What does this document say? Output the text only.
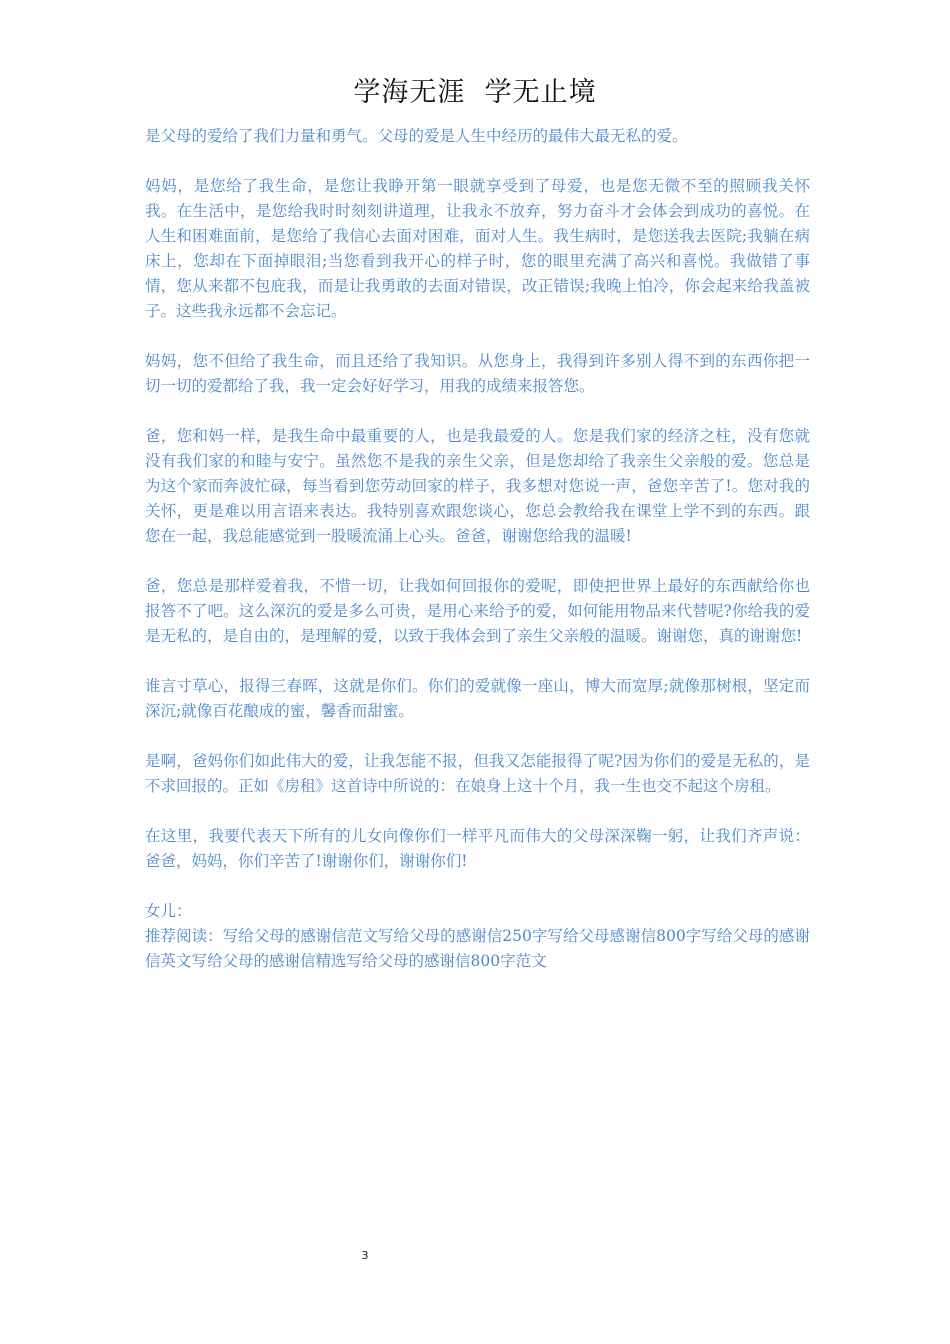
学海无涯  学无止境

是父母的爱给了我们力量和勇气。父母的爱是人生中经历的最伟大最无私的爱。

妈妈，是您给了我生命，是您让我睁开第一眼就享受到了母爱，也是您无微不至的照顾我关怀我。在生活中，是您给我时时刻刻讲道理，让我永不放弃，努力奋斗才会体会到成功的喜悦。在人生和困难面前，是您给了我信心去面对困难，面对人生。我生病时，是您送我去医院;我躺在病床上，您却在下面掉眼泪;当您看到我开心的样子时，您的眼里充满了高兴和喜悦。我做错了事情，您从来都不包庇我，而是让我勇敢的去面对错误，改正错误;我晚上怕冷，你会起来给我盖被子。这些我永远都不会忘记。

妈妈，您不但给了我生命，而且还给了我知识。从您身上，我得到许多别人得不到的东西你把一切一切的爱都给了我，我一定会好好学习，用我的成绩来报答您。

爸，您和妈一样，是我生命中最重要的人，也是我最爱的人。您是我们家的经济之柱，没有您就没有我们家的和睦与安宁。虽然您不是我的亲生父亲，但是您却给了我亲生父亲般的爱。您总是为这个家而奔波忙碌，每当看到您劳动回家的样子，我多想对您说一声，爸您辛苦了!。您对我的关怀，更是难以用言语来表达。我特别喜欢跟您谈心，您总会教给我在课堂上学不到的东西。跟您在一起，我总能感觉到一股暖流涌上心头。爸爸，谢谢您给我的温暖!

爸，您总是那样爱着我，不惜一切，让我如何回报你的爱呢，即使把世界上最好的东西献给你也报答不了吧。这么深沉的爱是多么可贵，是用心来给予的爱，如何能用物品来代替呢?你给我的爱是无私的，是自由的，是理解的爱，以致于我体会到了亲生父亲般的温暖。谢谢您，真的谢谢您!

谁言寸草心，报得三春晖，这就是你们。你们的爱就像一座山，博大而宽厚;就像那树根，坚定而深沉;就像百花酿成的蜜，馨香而甜蜜。

是啊，爸妈你们如此伟大的爱，让我怎能不报，但我又怎能报得了呢?因为你们的爱是无私的，是不求回报的。正如《房租》这首诗中所说的：在娘身上这十个月，我一生也交不起这个房租。

在这里，我要代表天下所有的儿女向像你们一样平凡而伟大的父母深深鞠一躬，让我们齐声说：爸爸，妈妈，你们辛苦了!谢谢你们，谢谢你们!

女儿：

推荐阅读：写给父母的感谢信范文写给父母的感谢信250字写给父母感谢信800字写给父母的感谢信英文写给父母的感谢信精选写给父母的感谢信800字范文

3
